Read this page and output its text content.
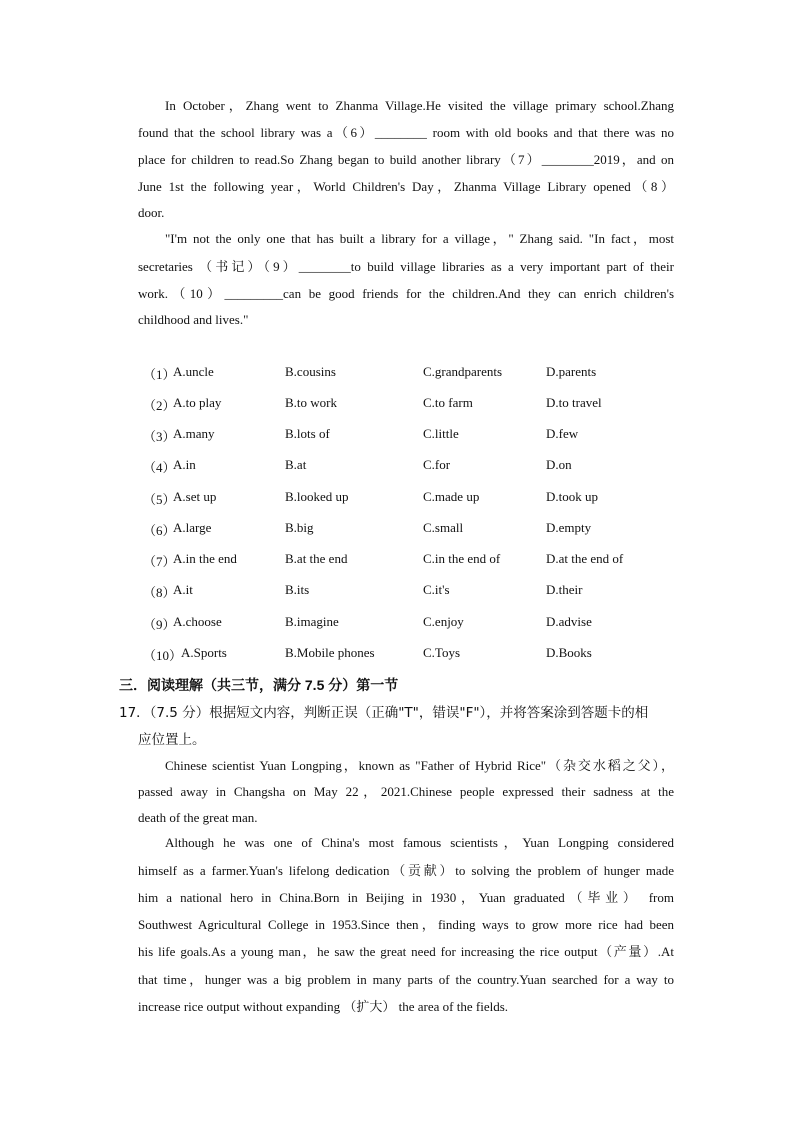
In October，Zhang went to Zhanma Village.He visited the village primary school.Zhang
found that the school library was a（6）________ room with old books and that there was no
place for children to read.So Zhang began to build another library（7）________2019，and on
June 1st the following year，World Children's Day，Zhanma Village Library opened（8）
door.
"I'm not the only one that has built a library for a village，" Zhang said. "In fact，most
secretaries （书记）（9）________to build village libraries as a very important part of their
work.（10）_________can be good friends for the children.And they can enrich children's
childhood and lives."
（1）
A.uncle	B.cousins	C.grandparents	D.parents
（2）
A.to play	B.to work	C.to farm	D.to travel
（3）
A.many	B.lots of	C.little	D.few
（4）
A.in	B.at	C.for	D.on
（5）
A.set up	B.looked up	C.made up	D.took up
（6）
A.large	B.big	C.small	D.empty
（7）
A.in the end	B.at the end	C.in the end of	D.at the end of
（8）
A.it	B.its	C.it's	D.their
（9）
A.choose	B.imagine	C.enjoy	D.advise
（10）
A.Sports	B.Mobile phones	C.Toys	D.Books
三．阅读理解（共三节，满分 7.5 分）第一节
17．（7.5 分）根据短文内容，判断正误（正确"T"，错误"F"），并将答案涂到答题卡的相
应位置上。
Chinese scientist Yuan Longping，known as "Father of Hybrid Rice"（杂交水稻之父），
passed away in Changsha on May 22，2021.Chinese people expressed their sadness at the
death of the great man.
Although he was one of China's most famous scientists，Yuan Longping considered
himself as a farmer.Yuan's lifelong dedication（贡献）to solving the problem of hunger made
him a national hero in China.Born in Beijing in 1930，Yuan graduated（毕业） from
Southwest Agricultural College in 1953.Since then，finding ways to grow more rice had been
his life goals.As a young man，he saw the great need for increasing the rice output（产量）.At
that time，hunger was a big problem in many parts of the country.Yuan searched for a way to
increase rice output without expanding （扩大） the area of the fields.
